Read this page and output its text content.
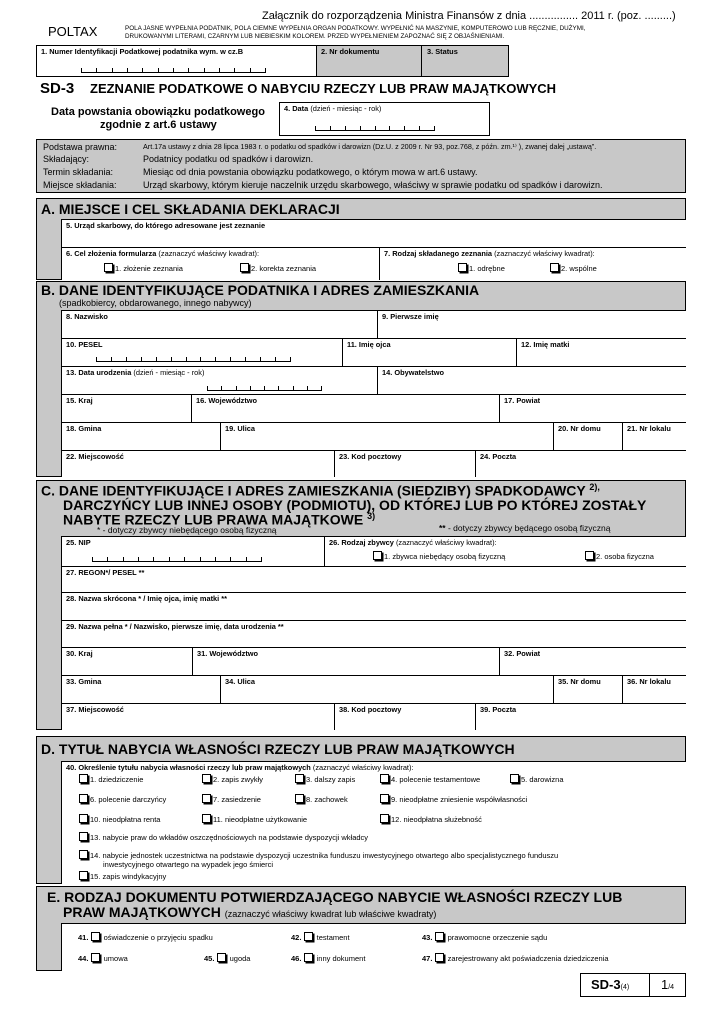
Załącznik do rozporządzenia Ministra Finansów z dnia ................ 2011 r. (poz. .........)
POLTAX	POLA JASNE WYPEŁNIA PODATNIK, POLA CIEMNE WYPEŁNIA ORGAN PODATKOWY. WYPEŁNIĆ NA MASZYNIE, KOMPUTEROWO LUB RĘCZNIE, DUŻYMI,
DRUKOWANYMI LITERAMI, CZARNYM LUB NIEBIESKIM KOLOREM. PRZED WYPEŁNIENIEM ZAPOZNAĆ SIĘ Z OBJAŚNIENIAMI.
1. Numer Identyfikacji Podatkowej podatnika wym. w cz.B	2. Nr dokumentu	3. Status
SD-3 ZEZNANIE PODATKOWE O NABYCIU RZECZY LUB PRAW MAJĄTKOWYCH
Data powstania obowiązku podatkowego
zgodnie z art.6 ustawy
4. Data (dzień - miesiąc - rok)
Podstawa prawna:	Art.17a ustawy z dnia 28 lipca 1983 r. o podatku od spadków i darowizn (Dz.U. z 2009 r. Nr 93, poz.768, z późn. zm.¹⁾ ), zwanej dalej „ustawą”.
Składający:	Podatnicy podatku od spadków i darowizn.
Termin składania:	Miesiąc od dnia powstania obowiązku podatkowego, o którym mowa w art.6 ustawy.
Miejsce składania:	Urząd skarbowy, którym kieruje naczelnik urzędu skarbowego, właściwy w sprawie podatku od spadków i darowizn.
A. MIEJSCE I CEL SKŁADANIA DEKLARACJI
5. Urząd skarbowy, do którego adresowane jest zeznanie
6. Cel złożenia formularza (zaznaczyć właściwy kwadrat):
1. złożenie zeznania	2. korekta zeznania
7. Rodzaj składanego zeznania (zaznaczyć właściwy kwadrat):
1. odrębne	2. wspólne
B. DANE IDENTYFIKUJĄCE PODATNIKA I ADRES ZAMIESZKANIA
(spadkobiercy, obdarowanego, innego nabywcy)
8. Nazwisko	9. Pierwsze imię
10. PESEL	11. Imię ojca	12. Imię matki
13. Data urodzenia (dzień - miesiąc - rok)	14. Obywatelstwo
15. Kraj	16. Województwo	17. Powiat
18. Gmina	19. Ulica	20. Nr domu	21. Nr lokalu
22. Miejscowość	23. Kod pocztowy	24. Poczta
C. DANE IDENTYFIKUJĄCE I ADRES ZAMIESZKANIA (SIEDZIBY) SPADKODAWCY $^{2),}$
DARCZYŃCY LUB INNEJ OSOBY (PODMIOTU), OD KTÓREJ LUB PO KTÓREJ ZOSTAŁY
NABYTE RZECZY LUB PRAWA MAJĄTKOWE $^{3)}$
* - dotyczy zbywcy niebędącego osobą fizyczną	** - dotyczy zbywcy będącego osobą fizyczną
25. NIP	26. Rodzaj zbywcy (zaznaczyć właściwy kwadrat):
1. zbywca niebędący osobą fizyczną	2. osoba fizyczna
27. REGON*/ PESEL **
28. Nazwa skrócona * / Imię ojca, imię matki **
29. Nazwa pełna * / Nazwisko, pierwsze imię, data urodzenia **
30. Kraj	31. Województwo	32. Powiat
33. Gmina	34. Ulica	35. Nr domu	36. Nr lokalu
37. Miejscowość	38. Kod pocztowy	39. Poczta
D. TYTUŁ NABYCIA WŁASNOŚCI RZECZY LUB PRAW MAJĄTKOWYCH
40. Określenie tytułu nabycia własności rzeczy lub praw majątkowych (zaznaczyć właściwy kwadrat):
1. dziedziczenie	2. zapis zwykły	3. dalszy zapis	4. polecenie testamentowe	5. darowizna
6. polecenie darczyńcy	7. zasiedzenie	8. zachowek	9. nieodpłatne zniesienie współwłasności
10. nieodpłatna renta	11. nieodpłatne użytkowanie	12. nieodpłatna służebność
13. nabycie praw do wkładów oszczędnościowych na podstawie dyspozycji wkładcy
14. nabycie jednostek uczestnictwa na podstawie dyspozycji uczestnika funduszu inwestycyjnego otwartego albo specjalistycznego funduszu
inwestycyjnego otwartego na wypadek jego śmierci
15. zapis windykacyjny
E. RODZAJ DOKUMENTU POTWIERDZAJĄCEGO NABYCIE WŁASNOŚCI RZECZY LUB
PRAW MAJĄTKOWYCH (zaznaczyć właściwy kwadrat lub właściwe kwadraty)
41. oświadczenie o przyjęciu spadku	42. testament	43. prawomocne orzeczenie sądu
44. umowa	45. ugoda	46. inny dokument	47. zarejestrowany akt poświadczenia dziedziczenia
SD-3(4) 1/4
